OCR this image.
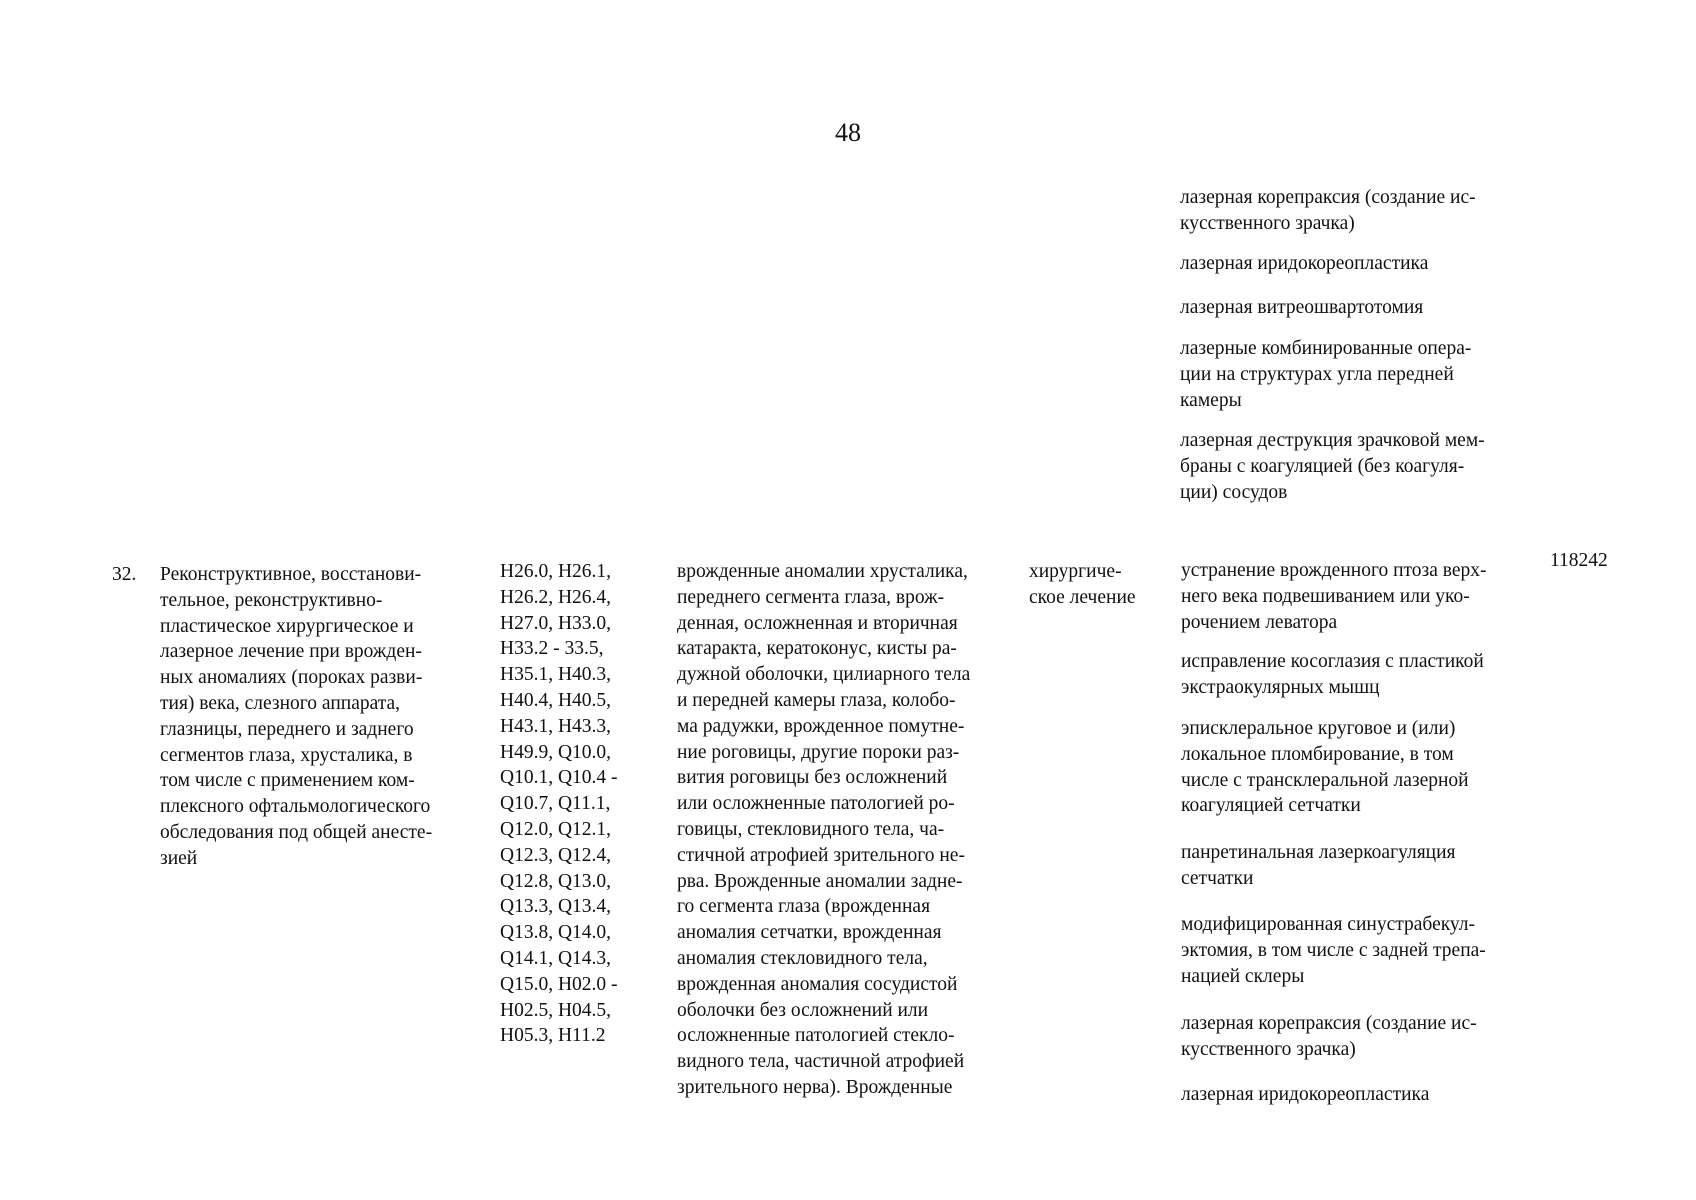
48
лазерная корепраксия (создание ис-
кусственного зрачка)
лазерная иридокореопластика
лазерная витреошвартотомия
лазерные комбинированные опера-
ции на структурах угла передней
камеры
лазерная деструкция зрачковой мем-
браны с коагуляцией (без коагуля-
ции) сосудов
32. Реконструктивное, восстанови-
тельное, реконструктивно-
пластическое хирургическое и
лазерное лечение при врожден-
ных аномалиях (пороках разви-
тия) века, слезного аппарата,
глазницы, переднего и заднего
сегментов глаза, хрусталика, в
том числе с применением ком-
плексного офтальмологического
обследования под общей анесте-
зией
H26.0, H26.1,
H26.2, H26.4,
H27.0, H33.0,
H33.2 - 33.5,
H35.1, H40.3,
H40.4, H40.5,
H43.1, H43.3,
H49.9, Q10.0,
Q10.1, Q10.4 -
Q10.7, Q11.1,
Q12.0, Q12.1,
Q12.3, Q12.4,
Q12.8, Q13.0,
Q13.3, Q13.4,
Q13.8, Q14.0,
Q14.1, Q14.3,
Q15.0, H02.0 -
H02.5, H04.5,
H05.3, H11.2
врожденные аномалии хрусталика,
переднего сегмента глаза, врож-
денная, осложненная и вторичная
катаракта, кератоконус, кисты ра-
дужной оболочки, цилиарного тела
и передней камеры глаза, колобо-
ма радужки, врожденное помутне-
ние роговицы, другие пороки раз-
вития роговицы без осложнений
или осложненные патологией ро-
говицы, стекловидного тела, ча-
стичной атрофией зрительного не-
рва. Врожденные аномалии задне-
го сегмента глаза (врожденная
аномалия сетчатки, врожденная
аномалия стекловидного тела,
врожденная аномалия сосудистой
оболочки без осложнений или
осложненные патологией стекло-
видного тела, частичной атрофией
зрительного нерва). Врожденные
хирургиче-
ское лечение
устранение врожденного птоза верх-
него века подвешиванием или уко-
рочением леватора
исправление косоглазия с пластикой
экстраокулярных мышц
эписклеральное круговое и (или)
локальное пломбирование, в том
числе с трансклеральной лазерной
коагуляцией сетчатки
панретинальная лазеркоагуляция
сетчатки
модифицированная синустрабекул-
эктомия, в том числе с задней трепа-
нацией склеры
лазерная корепраксия (создание ис-
кусственного зрачка)
лазерная иридокореопластика
118242
